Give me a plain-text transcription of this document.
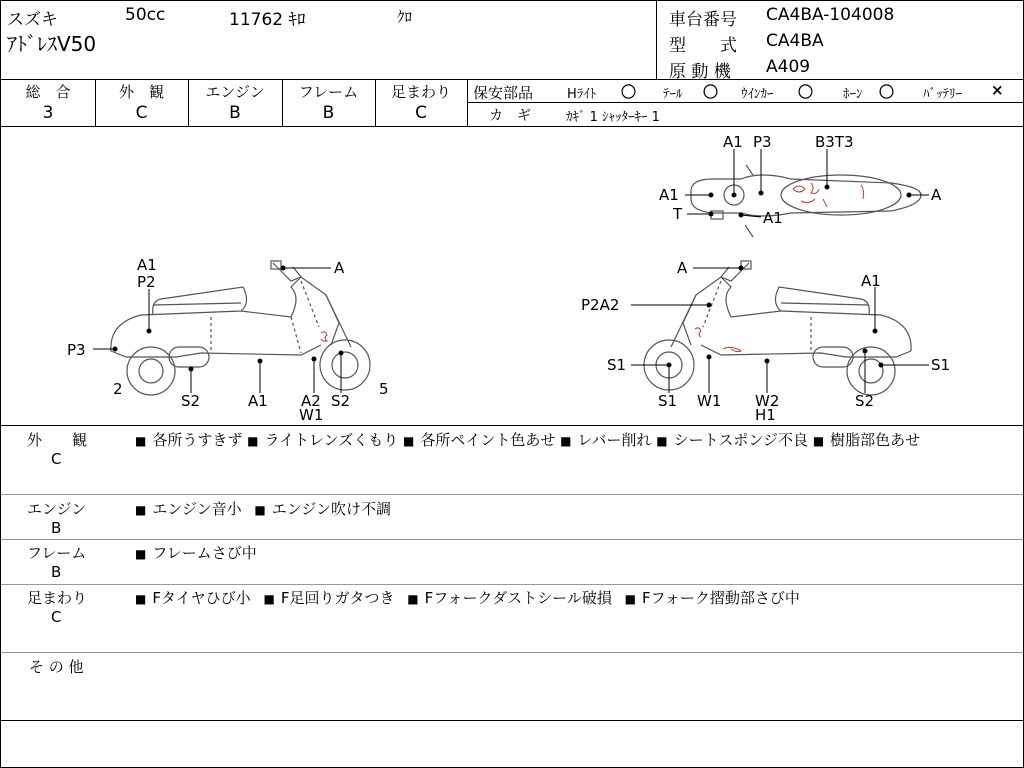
スズキ	50cc	11762 ｷﾛ	ｸﾛ
ｱﾄﾞﾚｽV50
車台番号 CA4BA-104008
型　　式 CA4BA
原 動 機 A409
総　合
3
外　観
C
エンジン
B
フレーム
B
足まわり
C
保安部品	Hﾗｲﾄ 〇 ﾃｰﾙ 〇 ｳｲﾝｶｰ 〇 ﾎｰﾝ 〇 ﾊﾞｯﾃﾘｰ ×
カ　ギ	ｶｷﾞ 1 ｼｬｯﾀｰｷｰ 1
A1
P2
A
P3
2
S2	A1 A2
W1
S2
5
A1 P3	B3T3
A1	A
T	A1
A
A1
P2A2
S1	S1
S1 W1 W2
H1
S2
外　　観
C
■ 各所うすきず ■ ライトレンズくもり ■ 各所ペイント色あせ ■ レバー削れ ■ シートスポンジ不良 ■ 樹脂部色あせ
エンジン
B
■ エンジン音小 ■ エンジン吹け不調
フレーム
B
■ フレームさび中
足まわり
C
■ Fタイヤひび小 ■ F足回りガタつき ■ Fフォークダストシール破損 ■ Fフォーク摺動部さび中
そ の 他
